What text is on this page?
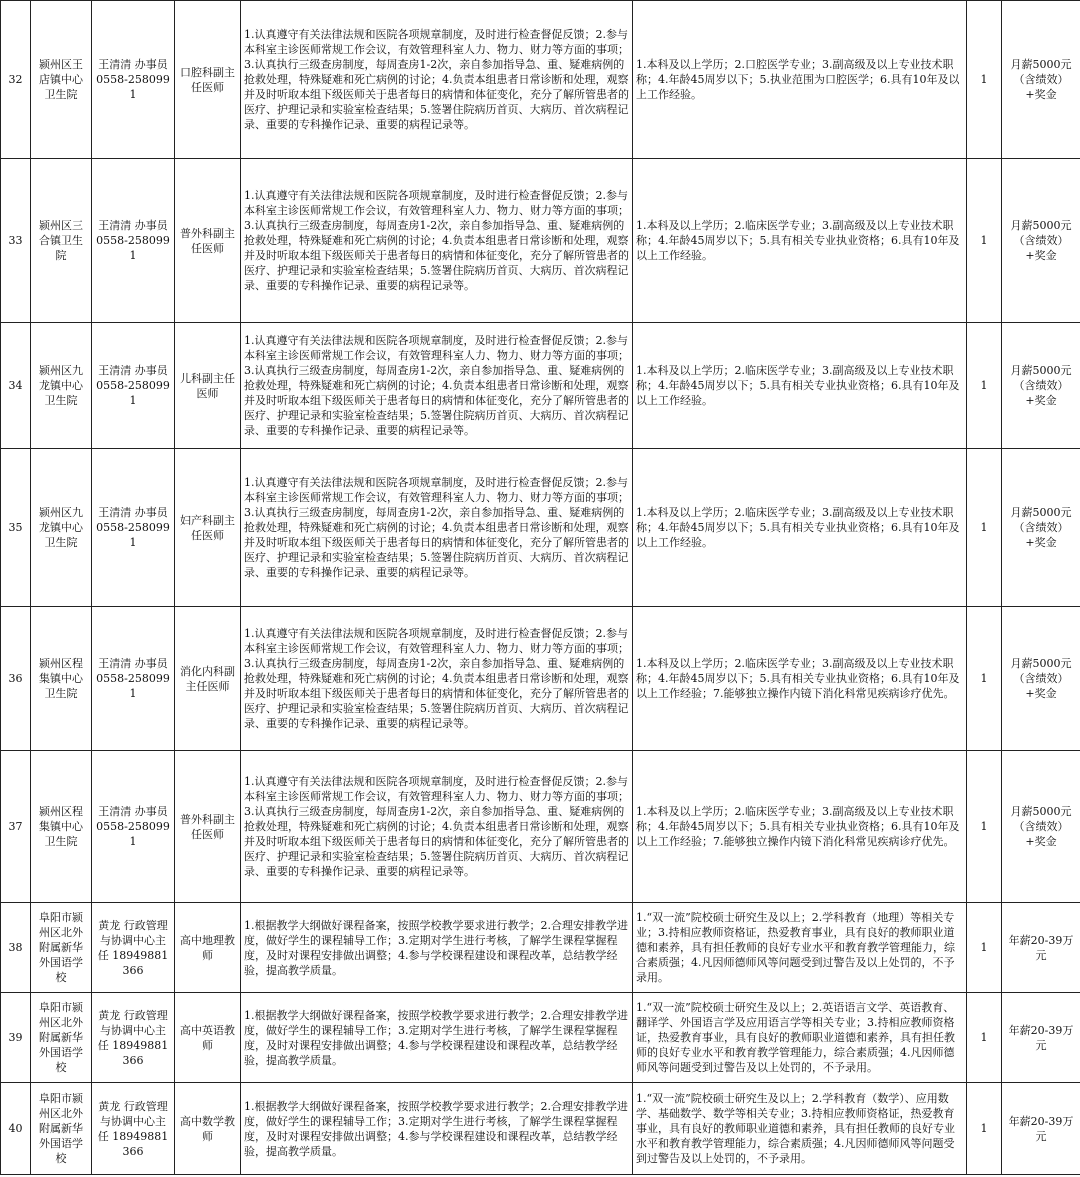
32	颍州区王店镇中心卫生院	王清清 办事员 0558-2580991	口腔科副主任医师	1.认真遵守有关法律法规和医院各项规章制度，及时进行检查督促反馈；2.参与本科室主诊医师常规工作会议，有效管理科室人力、物力、财力等方面的事项；3.认真执行三级查房制度，每周查房1-2次，亲自参加指导急、重、疑难病例的抢救处理，特殊疑难和死亡病例的讨论；4.负责本组患者日常诊断和处理，观察并及时听取本组下级医师关于患者每日的病情和体征变化，充分了解所管患者的医疗、护理记录和实验室检查结果；5.签署住院病历首页、大病历、首次病程记录、重要的专科操作记录、重要的病程记录等。	1.本科及以上学历；2.口腔医学专业；3.副高级及以上专业技术职称；4.年龄45周岁以下；5.执业范围为口腔医学；6.具有10年及以上工作经验。	1	月薪5000元（含绩效）+奖金
33	颍州区三合镇卫生院	王清清 办事员 0558-2580991	普外科副主任医师	1.认真遵守有关法律法规和医院各项规章制度，及时进行检查督促反馈；2.参与本科室主诊医师常规工作会议，有效管理科室人力、物力、财力等方面的事项；3.认真执行三级查房制度，每周查房1-2次，亲自参加指导急、重、疑难病例的抢救处理，特殊疑难和死亡病例的讨论；4.负责本组患者日常诊断和处理，观察并及时听取本组下级医师关于患者每日的病情和体征变化，充分了解所管患者的医疗、护理记录和实验室检查结果；5.签署住院病历首页、大病历、首次病程记录、重要的专科操作记录、重要的病程记录等。	1.本科及以上学历；2.临床医学专业；3.副高级及以上专业技术职称；4.年龄45周岁以下；5.具有相关专业执业资格；6.具有10年及以上工作经验。	1	月薪5000元（含绩效）+奖金
34	颍州区九龙镇中心卫生院	王清清 办事员 0558-2580991	儿科副主任医师	1.认真遵守有关法律法规和医院各项规章制度，及时进行检查督促反馈；2.参与本科室主诊医师常规工作会议，有效管理科室人力、物力、财力等方面的事项；3.认真执行三级查房制度，每周查房1-2次，亲自参加指导急、重、疑难病例的抢救处理，特殊疑难和死亡病例的讨论；4.负责本组患者日常诊断和处理，观察并及时听取本组下级医师关于患者每日的病情和体征变化，充分了解所管患者的医疗、护理记录和实验室检查结果；5.签署住院病历首页、大病历、首次病程记录、重要的专科操作记录、重要的病程记录等。	1.本科及以上学历；2.临床医学专业；3.副高级及以上专业技术职称；4.年龄45周岁以下；5.具有相关专业执业资格；6.具有10年及以上工作经验。	1	月薪5000元（含绩效）+奖金
35	颍州区九龙镇中心卫生院	王清清 办事员 0558-2580991	妇产科副主任医师	1.认真遵守有关法律法规和医院各项规章制度，及时进行检查督促反馈；2.参与本科室主诊医师常规工作会议，有效管理科室人力、物力、财力等方面的事项；3.认真执行三级查房制度，每周查房1-2次，亲自参加指导急、重、疑难病例的抢救处理，特殊疑难和死亡病例的讨论；4.负责本组患者日常诊断和处理，观察并及时听取本组下级医师关于患者每日的病情和体征变化，充分了解所管患者的医疗、护理记录和实验室检查结果；5.签署住院病历首页、大病历、首次病程记录、重要的专科操作记录、重要的病程记录等。	1.本科及以上学历；2.临床医学专业；3.副高级及以上专业技术职称；4.年龄45周岁以下；5.具有相关专业执业资格；6.具有10年及以上工作经验。	1	月薪5000元（含绩效）+奖金
36	颍州区程集镇中心卫生院	王清清 办事员 0558-2580991	消化内科副主任医师	1.认真遵守有关法律法规和医院各项规章制度，及时进行检查督促反馈；2.参与本科室主诊医师常规工作会议，有效管理科室人力、物力、财力等方面的事项；3.认真执行三级查房制度，每周查房1-2次，亲自参加指导急、重、疑难病例的抢救处理，特殊疑难和死亡病例的讨论；4.负责本组患者日常诊断和处理，观察并及时听取本组下级医师关于患者每日的病情和体征变化，充分了解所管患者的医疗、护理记录和实验室检查结果；5.签署住院病历首页、大病历、首次病程记录、重要的专科操作记录、重要的病程记录等。	1.本科及以上学历；2.临床医学专业；3.副高级及以上专业技术职称；4.年龄45周岁以下；5.具有相关专业执业资格；6.具有10年及以上工作经验；7.能够独立操作内镜下消化科常见疾病诊疗优先。	1	月薪5000元（含绩效）+奖金
37	颍州区程集镇中心卫生院	王清清 办事员 0558-2580991	普外科副主任医师	1.认真遵守有关法律法规和医院各项规章制度，及时进行检查督促反馈；2.参与本科室主诊医师常规工作会议，有效管理科室人力、物力、财力等方面的事项；3.认真执行三级查房制度，每周查房1-2次，亲自参加指导急、重、疑难病例的抢救处理，特殊疑难和死亡病例的讨论；4.负责本组患者日常诊断和处理，观察并及时听取本组下级医师关于患者每日的病情和体征变化，充分了解所管患者的医疗、护理记录和实验室检查结果；5.签署住院病历首页、大病历、首次病程记录、重要的专科操作记录、重要的病程记录等。	1.本科及以上学历；2.临床医学专业；3.副高级及以上专业技术职称；4.年龄45周岁以下；5.具有相关专业执业资格；6.具有10年及以上工作经验；7.能够独立操作内镜下消化科常见疾病诊疗优先。	1	月薪5000元（含绩效）+奖金
38	阜阳市颍州区北外附属新华外国语学校	黄龙 行政管理与协调中心主任 18949881366	高中地理教师	1.根据教学大纲做好课程备案，按照学校教学要求进行教学；2.合理安排教学进度，做好学生的课程辅导工作；3.定期对学生进行考核，了解学生课程掌握程度，及时对课程安排做出调整；4.参与学校课程建设和课程改革，总结教学经验，提高教学质量。	1.“双一流”院校硕士研究生及以上；2.学科教育（地理）等相关专业；3.持相应教师资格证，热爱教育事业，具有良好的教师职业道德和素养，具有担任教师的良好专业水平和教育教学管理能力，综合素质强；4.凡因师德师风等问题受到过警告及以上处罚的，不予录用。	1	年薪20-39万元
39	阜阳市颍州区北外附属新华外国语学校	黄龙 行政管理与协调中心主任 18949881366	高中英语教师	1.根据教学大纲做好课程备案，按照学校教学要求进行教学；2.合理安排教学进度，做好学生的课程辅导工作；3.定期对学生进行考核，了解学生课程掌握程度，及时对课程安排做出调整；4.参与学校课程建设和课程改革，总结教学经验，提高教学质量。	1.“双一流”院校硕士研究生及以上；2.英语语言文学、英语教育、翻译学、外国语言学及应用语言学等相关专业；3.持相应教师资格证，热爱教育事业，具有良好的教师职业道德和素养，具有担任教师的良好专业水平和教育教学管理能力，综合素质强；4.凡因师德师风等问题受到过警告及以上处罚的，不予录用。	1	年薪20-39万元
40	阜阳市颍州区北外附属新华外国语学校	黄龙 行政管理与协调中心主任 18949881366	高中数学教师	1.根据教学大纲做好课程备案，按照学校教学要求进行教学；2.合理安排教学进度，做好学生的课程辅导工作；3.定期对学生进行考核，了解学生课程掌握程度，及时对课程安排做出调整；4.参与学校课程建设和课程改革，总结教学经验，提高教学质量。	1.“双一流”院校硕士研究生及以上；2.学科教育（数学）、应用数学、基础数学、数学等相关专业；3.持相应教师资格证，热爱教育事业，具有良好的教师职业道德和素养，具有担任教师的良好专业水平和教育教学管理能力，综合素质强；4.凡因师德师风等问题受到过警告及以上处罚的，不予录用。	1	年薪20-39万元
